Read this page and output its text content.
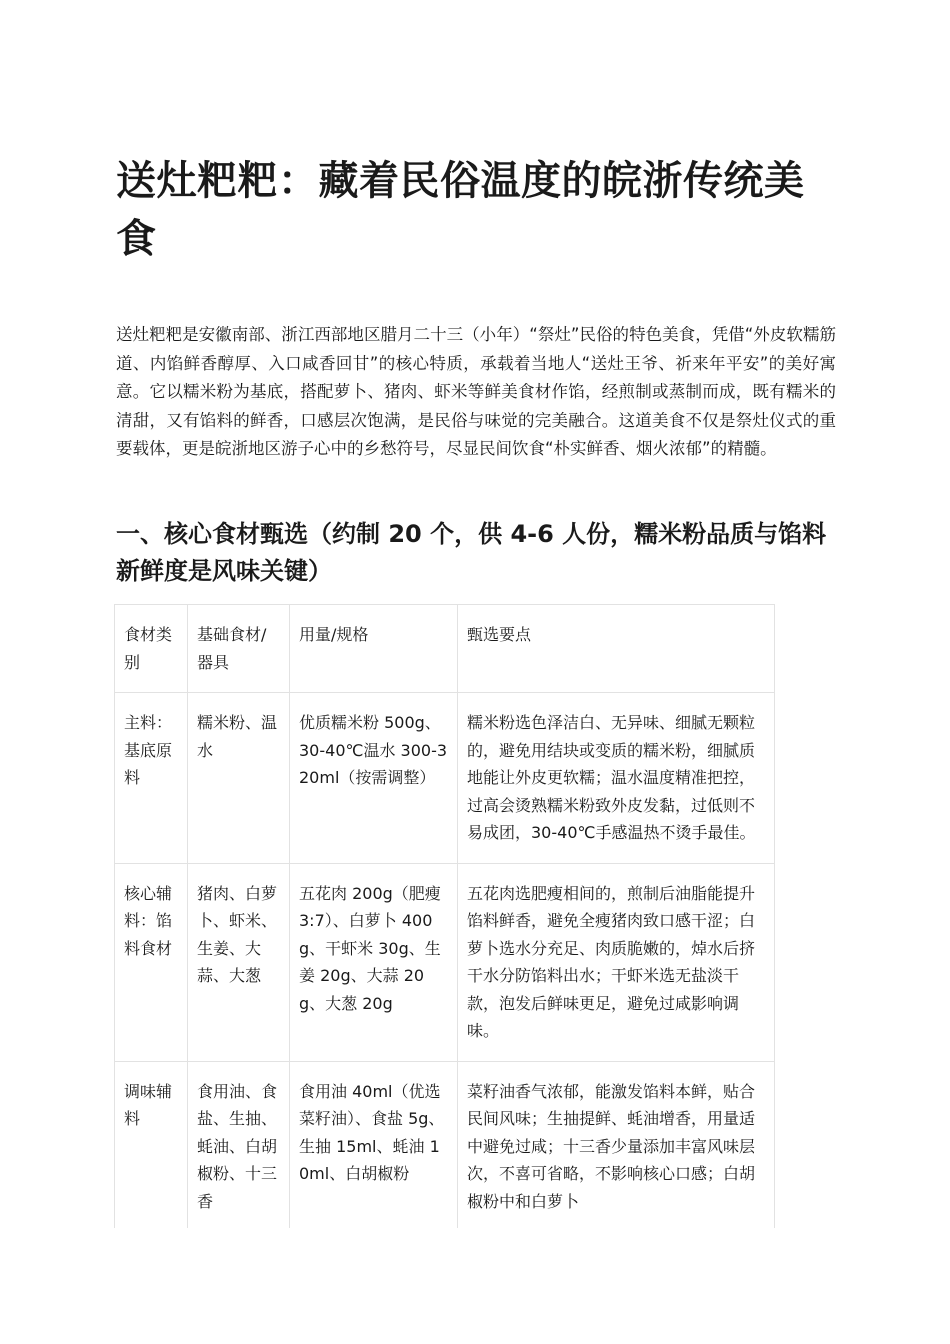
送灶粑粑：藏着民俗温度的皖浙传统美食

送灶粑粑是安徽南部、浙江西部地区腊月二十三（小年）“祭灶”民俗的特色美食，凭借“外皮软糯筋道、内馅鲜香醇厚、入口咸香回甘”的核心特质，承载着当地人“送灶王爷、祈来年平安”的美好寓意。它以糯米粉为基底，搭配萝卜、猪肉、虾米等鲜美食材作馅，经煎制或蒸制而成，既有糯米的清甜，又有馅料的鲜香，口感层次饱满，是民俗与味觉的完美融合。这道美食不仅是祭灶仪式的重要载体，更是皖浙地区游子心中的乡愁符号，尽显民间饮食“朴实鲜香、烟火浓郁”的精髓。

一、核心食材甄选（约制 20 个，供 4-6 人份，糯米粉品质与馅料新鲜度是风味关键）
食材类别	基础食材/器具	用量/规格	甄选要点
主料：基底原料	糯米粉、温水	优质糯米粉 500g、30-40℃温水 300-320ml（按需调整）	糯米粉选色泽洁白、无异味、细腻无颗粒的，避免用结块或变质的糯米粉，细腻质地能让外皮更软糯；温水温度精准把控，过高会烫熟糯米粉致外皮发黏，过低则不易成团，30-40℃手感温热不烫手最佳。
核心辅料：馅料食材	猪肉、白萝卜、虾米、生姜、大蒜、大葱	五花肉 200g（肥瘦 3:7）、白萝卜 400g、干虾米 30g、生姜 20g、大蒜 20g、大葱 20g	五花肉选肥瘦相间的，煎制后油脂能提升馅料鲜香，避免全瘦猪肉致口感干涩；白萝卜选水分充足、肉质脆嫩的，焯水后挤干水分防馅料出水；干虾米选无盐淡干款，泡发后鲜味更足，避免过咸影响调味。
调味辅料	食用油、食盐、生抽、蚝油、白胡椒粉、十三香	食用油 40ml（优选菜籽油）、食盐 5g、生抽 15ml、蚝油 10ml、白胡椒粉	菜籽油香气浓郁，能激发馅料本鲜，贴合民间风味；生抽提鲜、蚝油增香，用量适中避免过咸；十三香少量添加丰富风味层次，不喜可省略，不影响核心口感；白胡椒粉中和白萝卜
